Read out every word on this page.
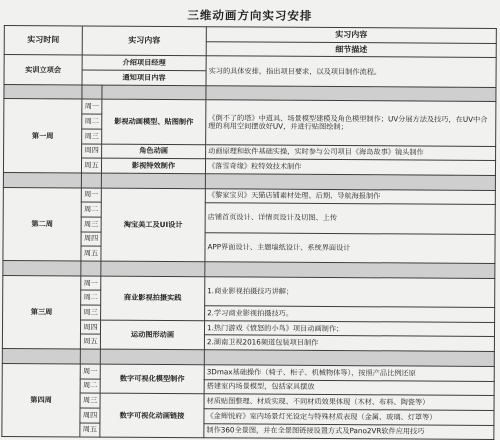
三维动画方向实习安排
实习时间	实习内容		实习内容
			细节描述
实训立项会	介绍项目经理		实习的具体安排，指出项目要求，以及项目制作流程。
	通知项目内容		

第一周	周一	影视动画模型、贴图制作	《倒不了的塔》中道具、场景模型建模及角色模型制作；UV分展方法及技巧，在UV中合理的利用空间摆放好UV，并进行贴图绘制；
	周二		
	周三		
	周四	角色动画	动画原理和软件基础实操，实时参与公司项目《海岛故事》镜头制作
	周五	影视特效制作	《落雪奇缘》粒特效技术制作

第二周	周一	淘宝美工及UI设计	《黎家宝贝》天猫店铺素材处理、后期、导航海报制作
	周二		店铺首页设计、详情页设计及切图、上传
	周三		
	周四		APP界面设计、主题墙纸设计、系统界面设计
	周五		

第三周	周一	商业影视拍摄实践	1.商业影视拍摄技巧讲解；
	周二		
	周三		2.学习商业影视拍摄技巧。
	周四	运动图形动画	1.热门游戏《愤怒的小鸟》项目动画制作；
	周五		2.湖南卫视2016频道包装项目制作

第四周	周一	数字可视化模型制作	3Dmax基础操作（椅子、柜子、机械物体等），按照产品比例还原
	周二		搭建室内场景模型，包括家具摆放
	周三	数字可视化动画链接	材质贴图整理、材质实现、不同材质效果体现（木材、布料、陶瓷等）
	周四		《金辉悦府》室内场景灯光设定与特殊材质表现（金属、玻璃、灯罩等）
	周五		制作360全景图，并在全景图链接设置方式及Pano2VR软件应用技巧
